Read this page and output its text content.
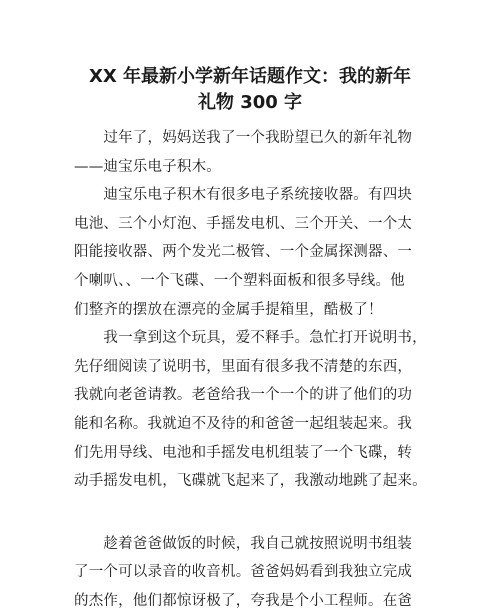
XX 年最新小学新年话题作文：我的新年
礼物 300 字

　　过年了，妈妈送我了一个我盼望已久的新年礼物
——迪宝乐电子积木。

　　迪宝乐电子积木有很多电子系统接收器。有四块
电池、三个小灯泡、手摇发电机、三个开关、一个太
阳能接收器、两个发光二极管、一个金属探测器、一
个喇叭、、一个飞碟、一个塑料面板和很多导线。他
们整齐的摆放在漂亮的金属手提箱里，酷极了！

　　我一拿到这个玩具，爱不释手。急忙打开说明书，
先仔细阅读了说明书，里面有很多我不清楚的东西，
我就向老爸请教。老爸给我一个一个的讲了他们的功
能和名称。我就迫不及待的和爸爸一起组装起来。我
们先用导线、电池和手摇发电机组装了一个飞碟，转
动手摇发电机，飞碟就飞起来了，我激动地跳了起来。

　　趁着爸爸做饭的时候，我自己就按照说明书组装
了一个可以录音的收音机。爸爸妈妈看到我独立完成
的杰作，他们都惊讶极了，夸我是个小工程师。在爸
